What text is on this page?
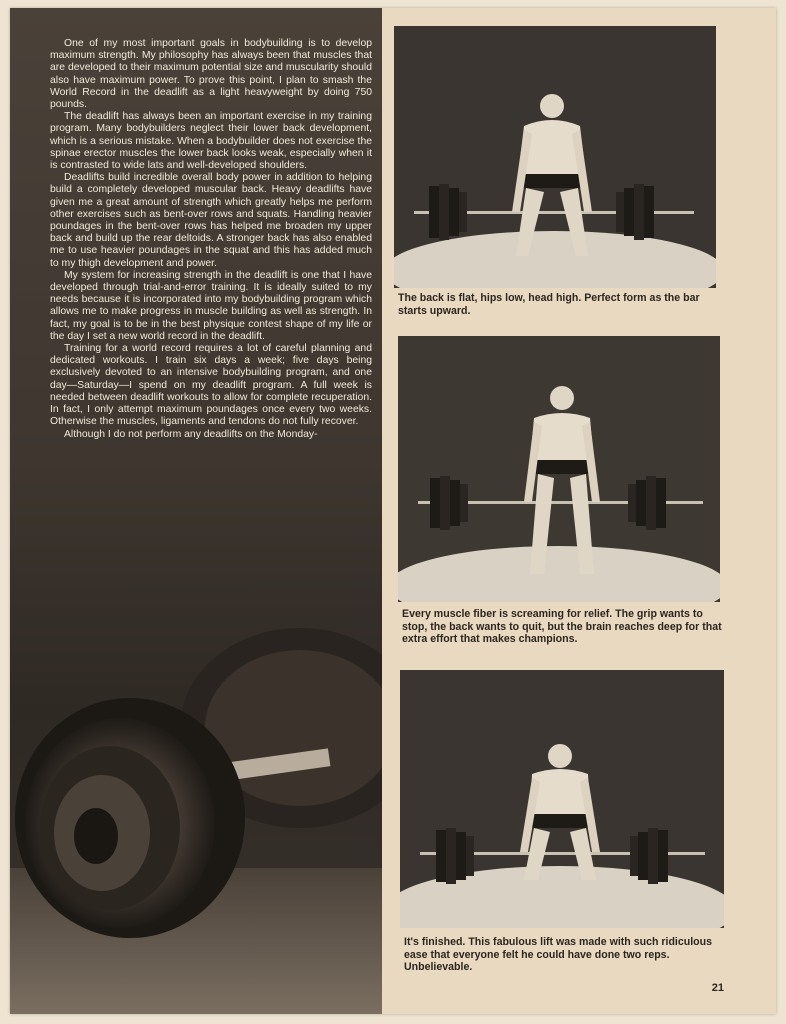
One of my most important goals in bodybuilding is to develop maximum strength. My philosophy has always been that muscles that are developed to their maximum potential size and muscularity should also have maximum power. To prove this point, I plan to smash the World Record in the deadlift as a light heavyweight by doing 750 pounds.

The deadlift has always been an important exercise in my training program. Many bodybuilders neglect their lower back development, which is a serious mistake. When a bodybuilder does not exercise the spinae erector muscles the lower back looks weak, especially when it is contrasted to wide lats and well-developed shoulders.

Deadlifts build incredible overall body power in addition to helping build a completely developed muscular back. Heavy deadlifts have given me a great amount of strength which greatly helps me perform other exercises such as bent-over rows and squats. Handling heavier poundages in the bent-over rows has helped me broaden my upper back and build up the rear deltoids. A stronger back has also enabled me to use heavier poundages in the squat and this has added much to my thigh development and power.

My system for increasing strength in the deadlift is one that I have developed through trial-and-error training. It is ideally suited to my needs because it is incorporated into my bodybuilding program which allows me to make progress in muscle building as well as strength. In fact, my goal is to be in the best physique contest shape of my life or the day I set a new world record in the deadlift.

Training for a world record requires a lot of careful planning and dedicated workouts. I train six days a week; five days being exclusively devoted to an intensive bodybuilding program, and one day—Saturday—I spend on my deadlift program. A full week is needed between deadlift workouts to allow for complete recuperation. In fact, I only attempt maximum poundages once every two weeks. Otherwise the muscles, ligaments and tendons do not fully recover.

Although I do not perform any deadlifts on the Monday-

The back is flat, hips low, head high. Perfect form as the bar starts upward.
Every muscle fiber is screaming for relief. The grip wants to stop, the back wants to quit, but the brain reaches deep for that extra effort that makes champions.
It's finished. This fabulous lift was made with such ridiculous ease that everyone felt he could have done two reps. Unbelievable.
21
